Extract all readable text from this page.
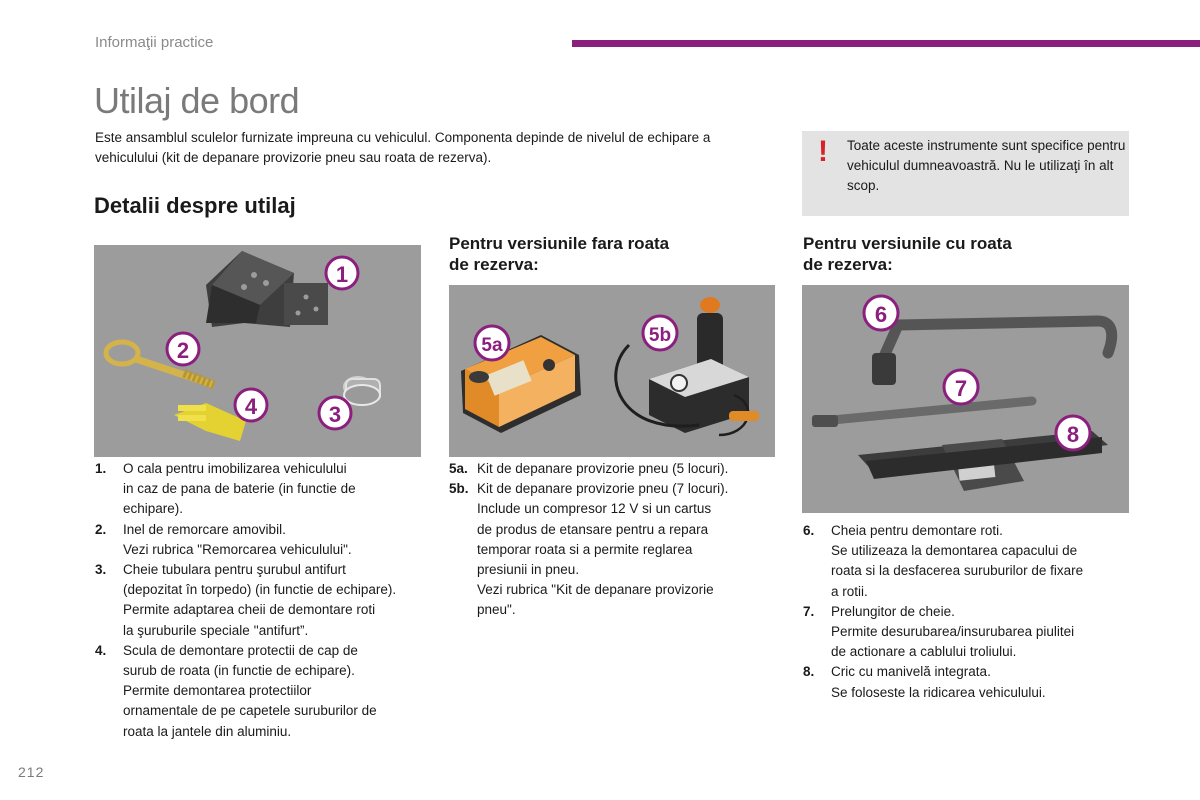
Informaţii practice
Utilaj de bord

Este ansamblul sculelor furnizate impreuna cu vehiculul. Componenta depinde de nivelul de echipare a vehiculului (kit de depanare provizorie pneu sau roata de rezerva).	! Toate aceste instrumente sunt specifice pentru vehiculul dumneavoastră. Nu le utilizaţi în alt scop.

Detalii despre utilaj
Pentru versiunile fara roata
de rezerva:
Pentru versiunile cu roata
de rezerva:
1
2
3
4
5a	5b
6
7
8
1.	O cala pentru imobilizarea vehiculului
in caz de pana de baterie (in functie de
echipare).
2.	Inel de remorcare amovibil.
Vezi rubrica "Remorcarea vehiculului".
3.	Cheie tubulara pentru şurubul antifurt
(depozitat în torpedo) (in functie de echipare).
Permite adaptarea cheii de demontare roti
la şuruburile speciale ''antifurt”.
4.	Scula de demontare protectii de cap de
surub de roata (in functie de echipare).
Permite demontarea protectiilor
ornamentale de pe capetele suruburilor de
roata la jantele din aluminiu.
5a. Kit de depanare provizorie pneu (5 locuri).
5b. Kit de depanare provizorie pneu (7 locuri).
Include un compresor 12 V si un cartus
de produs de etansare pentru a repara
temporar roata si a permite reglarea
presiunii in pneu.
Vezi rubrica "Kit de depanare provizorie
pneu".
6.	Cheia pentru demontare roti.
Se utilizeaza la demontarea capacului de
roata si la desfacerea suruburilor de fixare
a rotii.
7.	Prelungitor de cheie.
Permite desurubarea/insurubarea piulitei
de actionare a cablului troliului.
8.	Cric cu manivelă integrata.
Se foloseste la ridicarea vehiculului.
212
